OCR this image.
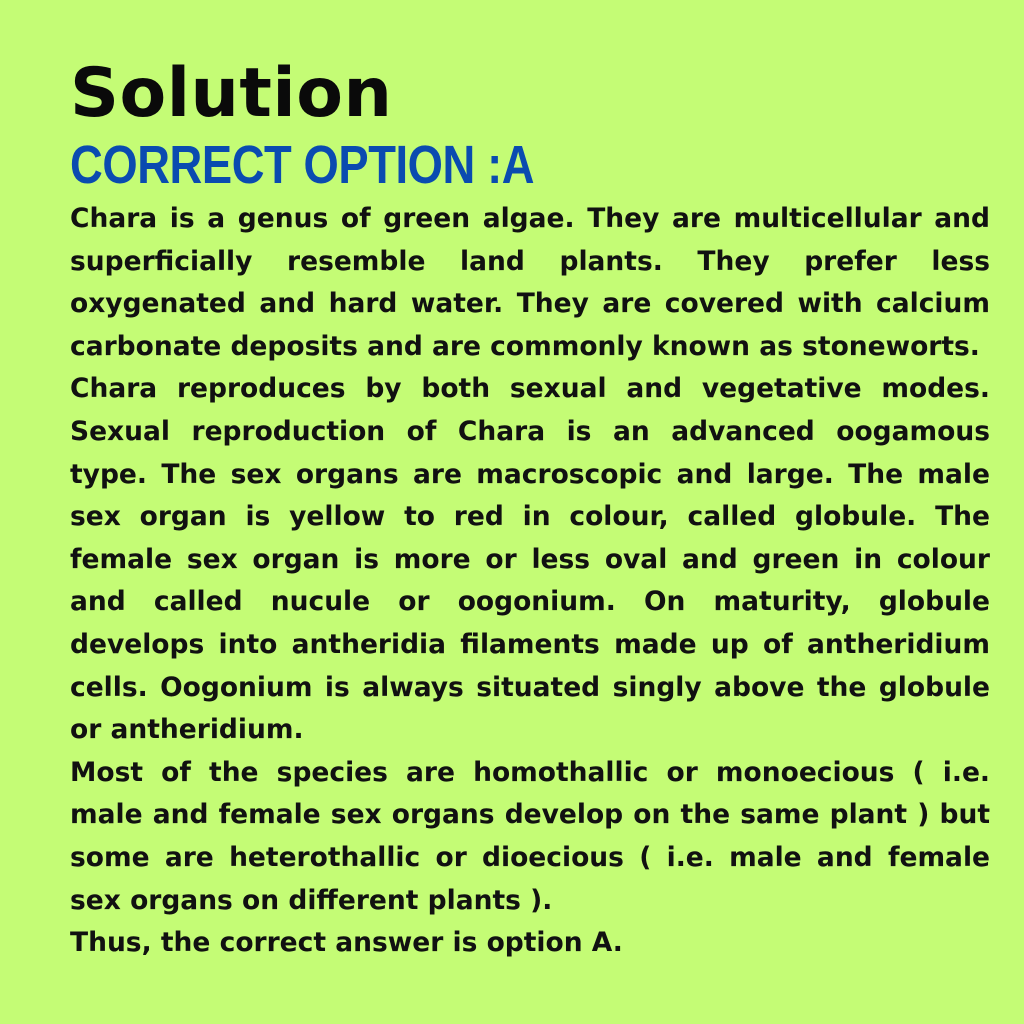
Solution
CORRECT OPTION :A

Chara is a genus of green algae. They are multicellular and superficially resemble land plants. They prefer less oxygenated and hard water. They are covered with calcium carbonate deposits and are commonly known as stoneworts.

Chara reproduces by both sexual and vegetative modes. Sexual reproduction of Chara is an advanced oogamous type. The sex organs are macroscopic and large. The male sex organ is yellow to red in colour, called globule. The female sex organ is more or less oval and green in colour and called nucule or oogonium. On maturity, globule develops into antheridia filaments made up of antheridium cells. Oogonium is always situated singly above the globule or antheridium.

Most of the species are homothallic or monoecious ( i.e. male and female sex organs develop on the same plant ) but some are heterothallic or dioecious ( i.e. male and female sex organs on different plants ).

Thus, the correct answer is option A.
